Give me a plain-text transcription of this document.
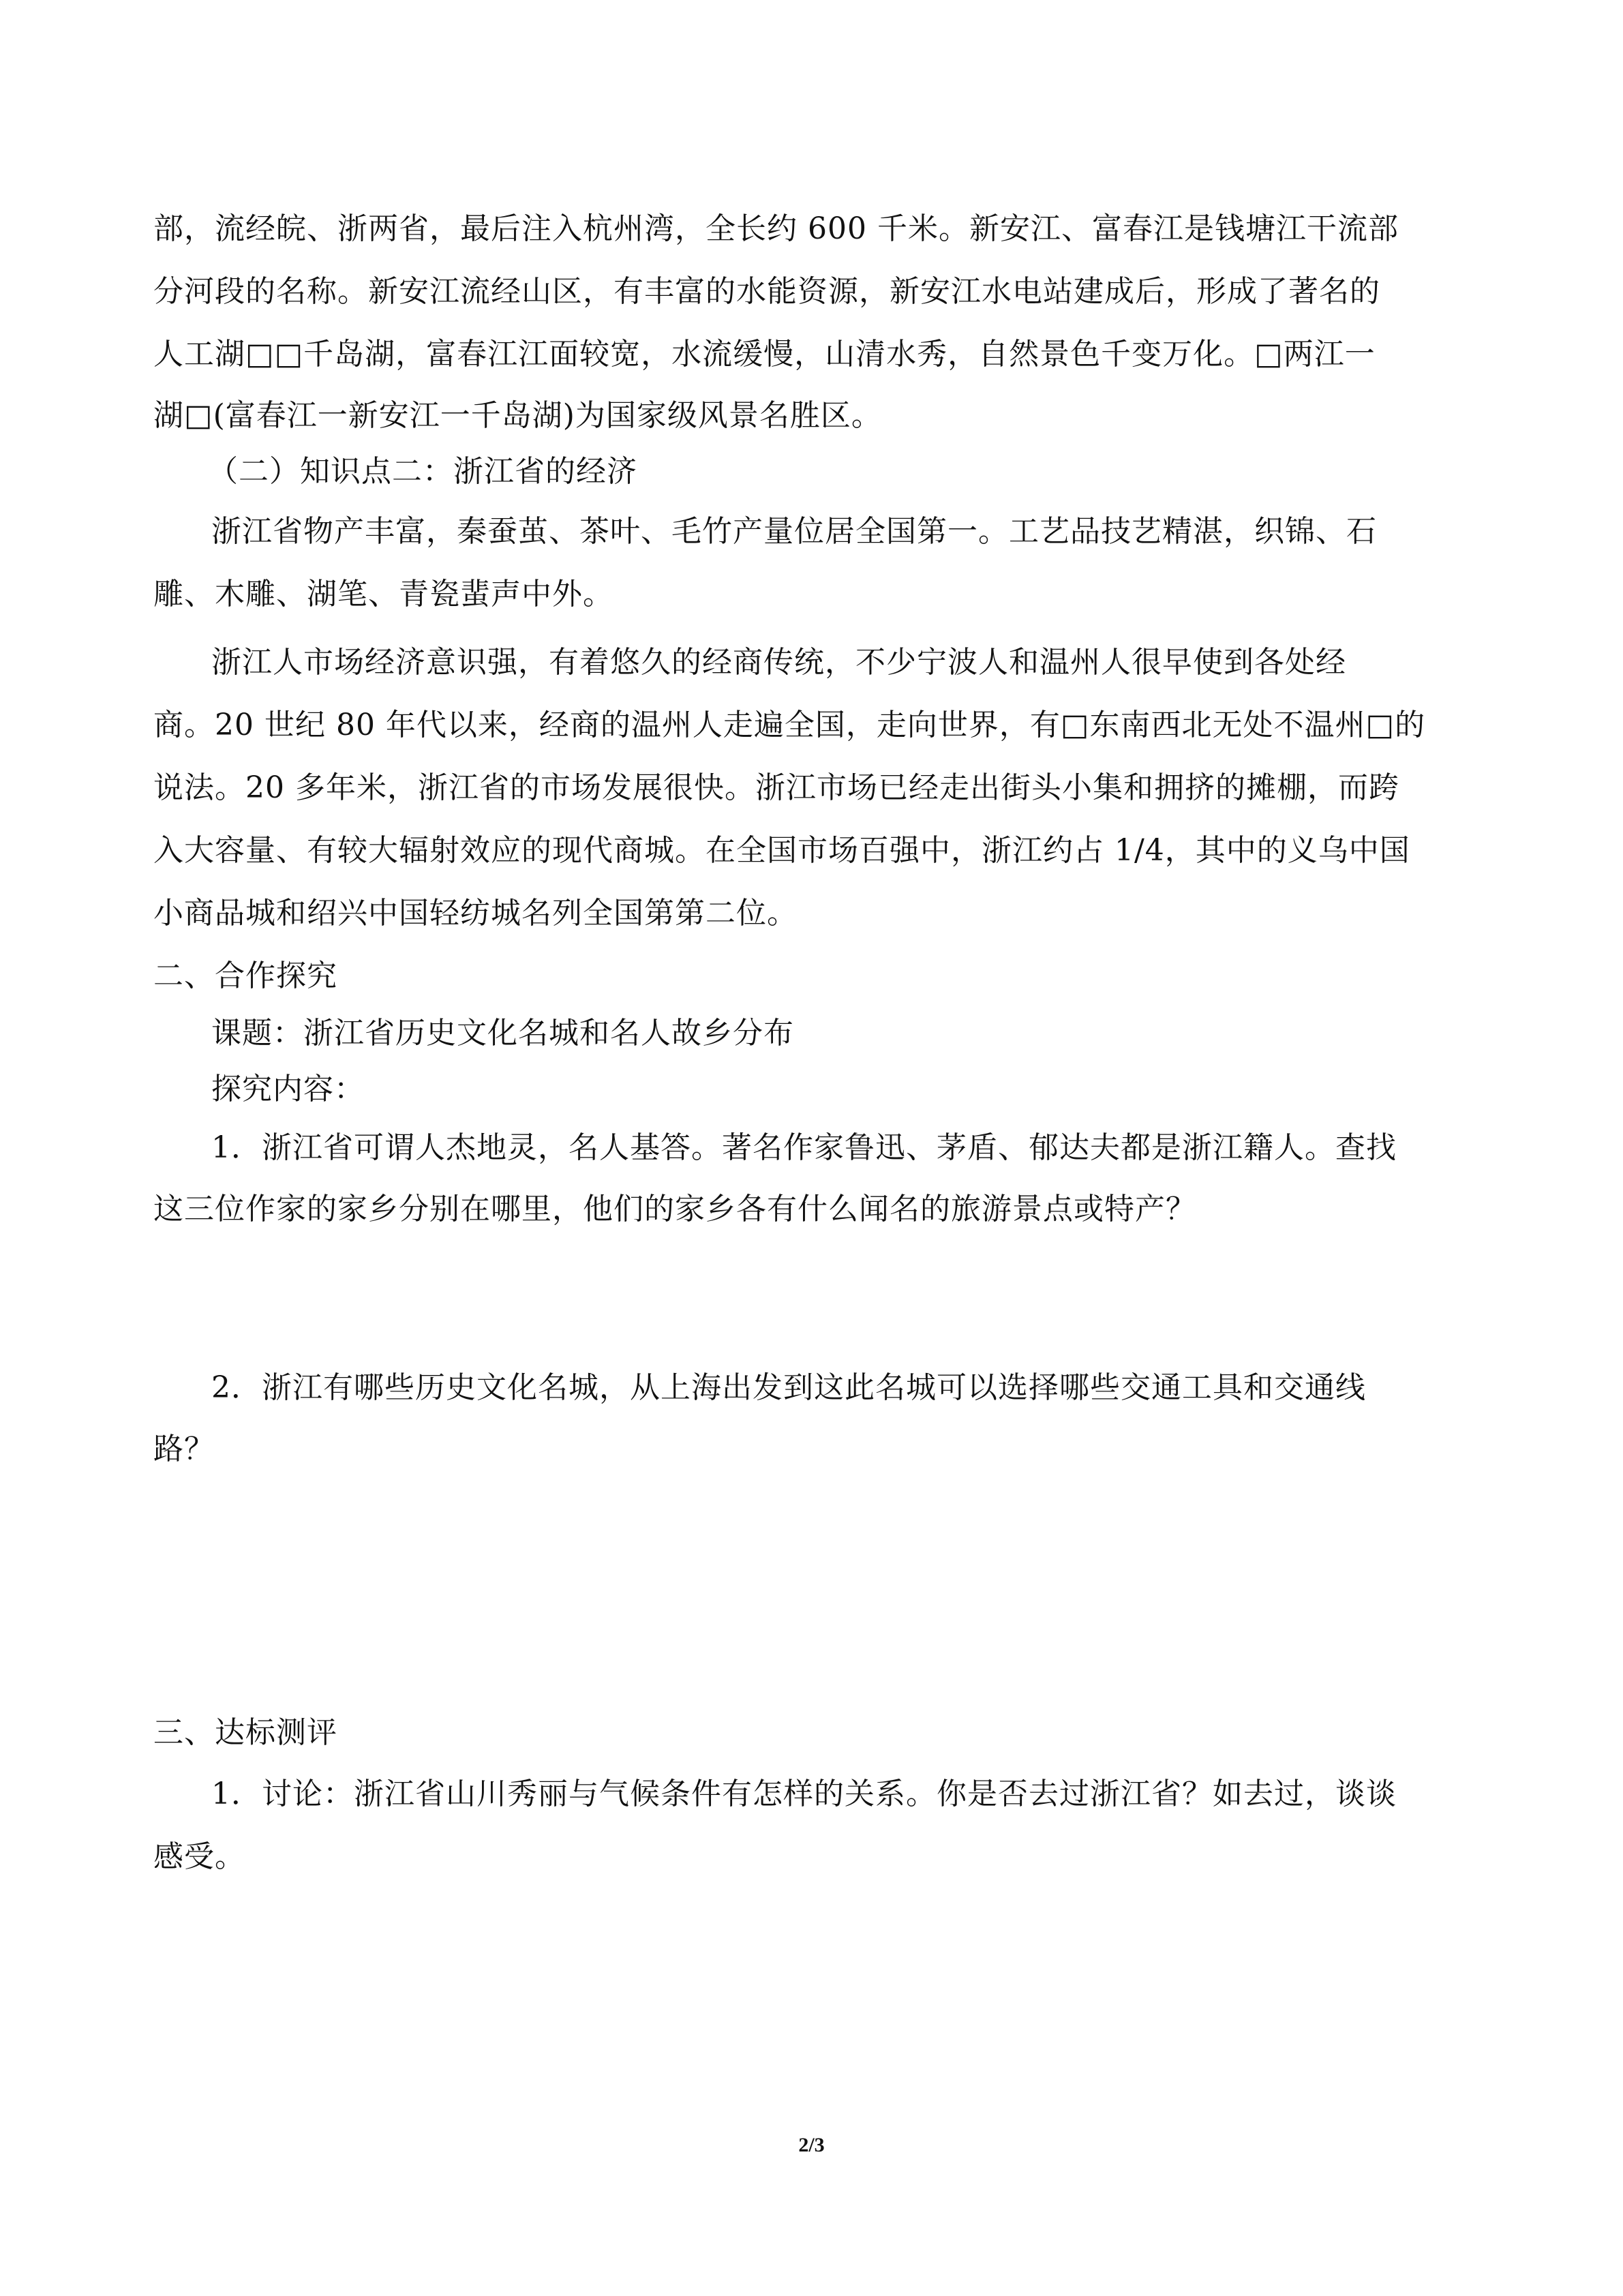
部，流经皖、浙两省，最后注入杭州湾，全长约 600 千米。新安江、富春江是钱塘江干流部
分河段的名称。新安江流经山区，有丰富的水能资源，新安江水电站建成后，形成了著名的
人工湖□□千岛湖，富春江江面较宽，水流缓慢，山清水秀，自然景色千变万化。□两江一
湖□(富春江一新安江一千岛湖)为国家级风景名胜区。
（二）知识点二：浙江省的经济
浙江省物产丰富，秦蚕茧、茶叶、毛竹产量位居全国第一。工艺品技艺精湛，织锦、石
雕、木雕、湖笔、青瓷蜚声中外。
浙江人市场经济意识强，有着悠久的经商传统，不少宁波人和温州人很早使到各处经
商。20 世纪 80 年代以来，经商的温州人走遍全国，走向世界，有□东南西北无处不温州□的
说法。20 多年米，浙江省的市场发展很快。浙江市场已经走出街头小集和拥挤的摊棚，而跨
入大容量、有较大辐射效应的现代商城。在全国市场百强中，浙江约占 1/4，其中的义乌中国
小商品城和绍兴中国轻纺城名列全国第第二位。
二、合作探究
课题：浙江省历史文化名城和名人故乡分布
探究内容：
1．浙江省可谓人杰地灵，名人基答。著名作家鲁迅、茅盾、郁达夫都是浙江籍人。查找
这三位作家的家乡分别在哪里，他们的家乡各有什么闻名的旅游景点或特产？
2．浙江有哪些历史文化名城，从上海出发到这此名城可以选择哪些交通工具和交通线
路？
三、达标测评
1．讨论：浙江省山川秀丽与气候条件有怎样的关系。你是否去过浙江省？如去过，谈谈
感受。
2/3
